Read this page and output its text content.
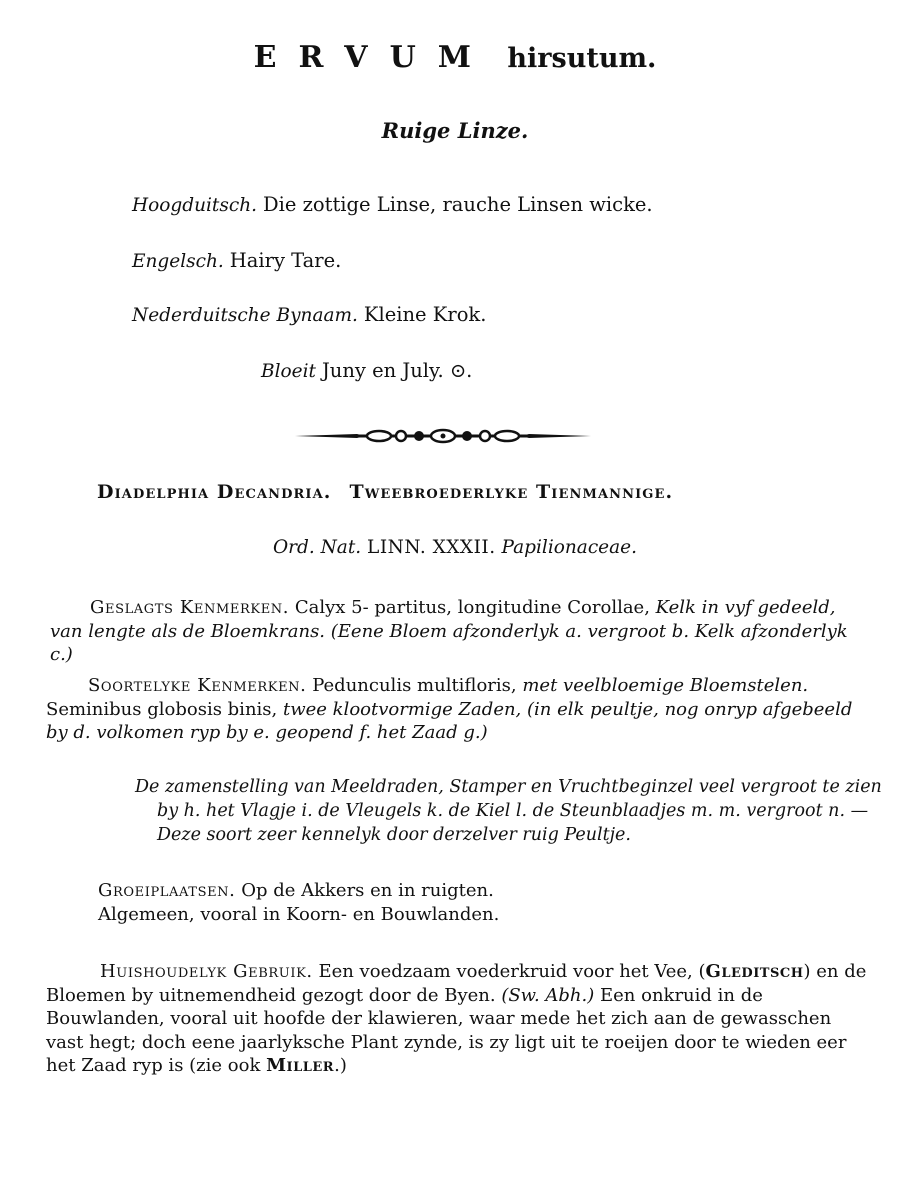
ERVUM hirsutum.
Ruige Linze.
Hoogduitsch. Die zottige Linse, rauche Linsen wicke.
Engelsch. Hairy Tare.
Nederduitsche Bynaam. Kleine Krok.
Bloeit Juny en July. ⊙.
Diadelphia Decandria. Tweebroederlyke Tienmannige.
Ord. Nat. LINN. XXXII. Papilionaceae.
Geslagts Kenmerken. Calyx 5- partitus, longitudine Corollae, Kelk in vyf gedeeld, van lengte als de Bloemkrans. (Eene Bloem afzonderlyk a. vergroot b. Kelk afzonderlyk c.)
Soortelyke Kenmerken. Pedunculis multifloris, met veelbloemige Bloemstelen. Seminibus globosis binis, twee klootvormige Zaden, (in elk peultje, nog onryp afgebeeld by d. volkomen ryp by e. geopend f. het Zaad g.)
De zamenstelling van Meeldraden, Stamper en Vruchtbeginzel veel vergroot te zien by h. het Vlagje i. de Vleugels k. de Kiel l. de Steunblaadjes m. m. vergroot n. — Deze soort zeer kennelyk door derzelver ruig Peultje.
Groeiplaatsen. Op de Akkers en in ruigten.
Algemeen, vooral in Koorn- en Bouwlanden.
Huishoudelyk Gebruik. Een voedzaam voederkruid voor het Vee, (Gleditsch) en de Bloemen by uitnemendheid gezogt door de Byen. (Sw. Abh.) Een onkruid in de Bouwlanden, vooral uit hoofde der klawieren, waar mede het zich aan de gewasschen vast hegt; doch eene jaarlyksche Plant zynde, is zy ligt uit te roeijen door te wieden eer het Zaad ryp is (zie ook Miller.)
